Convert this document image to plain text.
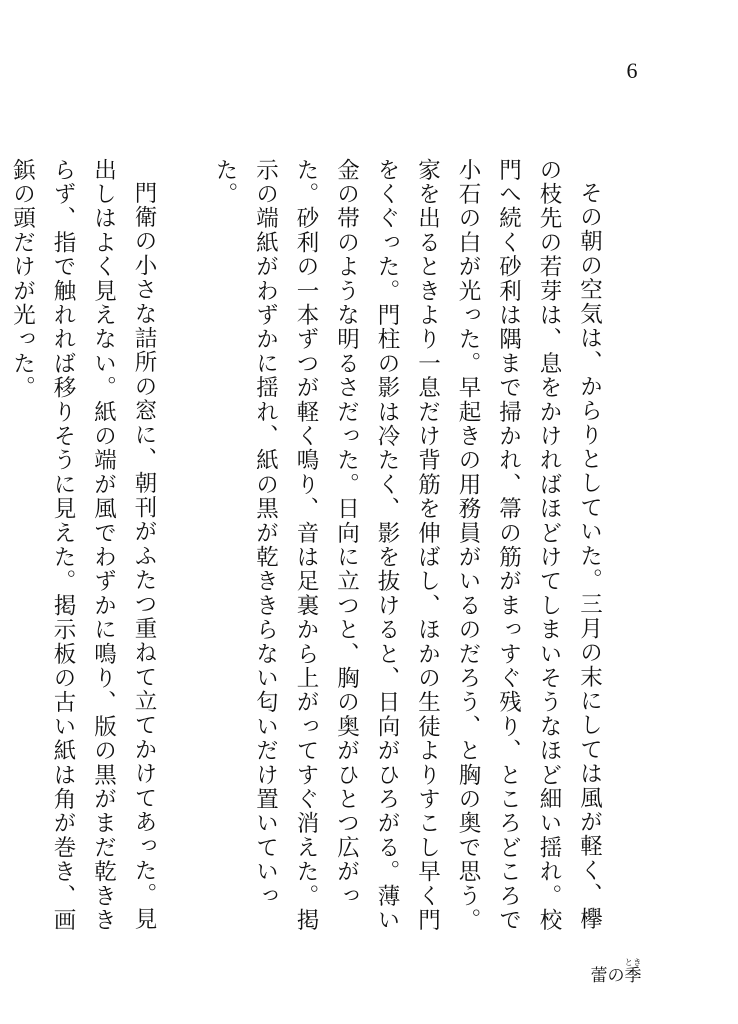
6

その朝の空気は、からりとしていた。三月の末にしては風が軽く、欅の枝先の若芽は、息をかければほどけてしまいそうなほど細い揺れ。校門へ続く砂利は隅まで掃かれ、箒の筋がまっすぐ残り、ところどころで小石の白が光った。早起きの用務員がいるのだろう、と胸の奥で思う。家を出るときより一息だけ背筋を伸ばし、ほかの生徒よりすこし早く門をくぐった。門柱の影は冷たく、影を抜けると、日向がひろがる。薄い金の帯のような明るさだった。日向に立つと、胸の奥がひとつ広がった。砂利の一本ずつが軽く鳴り、音は足裏から上がってすぐ消えた。掲示の端紙がわずかに揺れ、紙の黒が乾ききらない匂いだけ置いていった。

門衛の小さな詰所の窓に、朝刊がふたつ重ねて立てかけてあった。見出しはよく見えない。紙の端が風でわずかに鳴り、版の黒がまだ乾ききらず、指で触れれば移りそうに見えた。掲示板の古い紙は角が巻き、画鋲の頭だけが光った。

蕾の季とき
